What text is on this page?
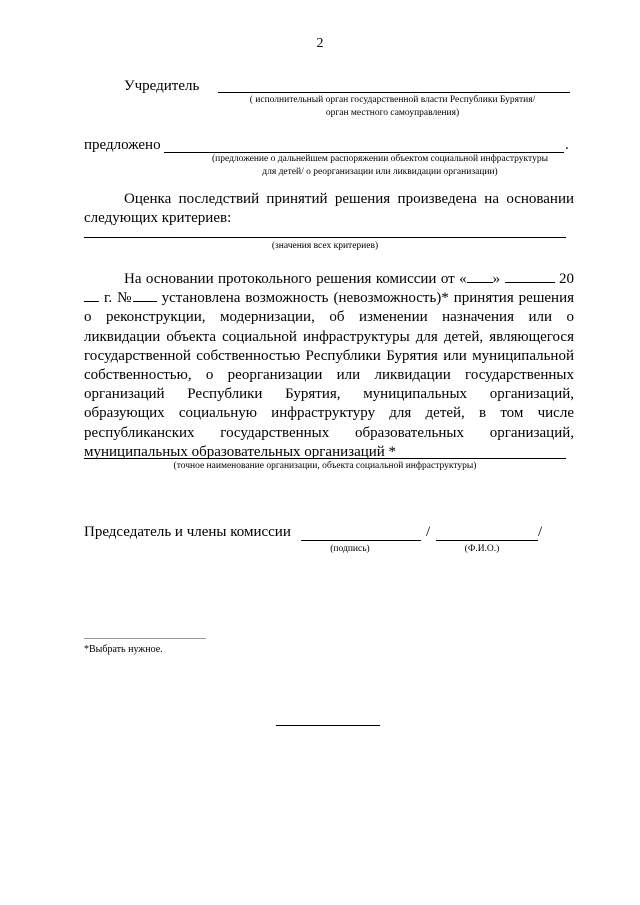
2
Учредитель
( исполнительный орган государственной власти Республики Бурятия/
орган местного самоуправления)
предложено	.
(предложение о дальнейшем распоряжении объектом социальной инфраструктуры
для детей/ о реорганизации или ликвидации организации)
Оценка последствий принятий решения произведена на основании следующих критериев:
(значения всех критериев)
На основании протокольного решения комиссии от « »	20 г. № установлена возможность (невозможность)* принятия решения о реконструкции, модернизации, об изменении назначения или о ликвидации объекта социальной инфраструктуры для детей, являющегося государственной собственностью Республики Бурятия или муниципальной собственностью, о реорганизации или ликвидации государственных организаций Республики Бурятия, муниципальных организаций, образующих социальную инфраструктуру для детей, в том числе республиканских государственных образовательных организаций, муниципальных образовательных организаций *
(точное наименование организации, объекта социальной инфраструктуры)
Председатель и члены комиссии	/	/
(подпись)	(Ф.И.О.)
*Выбрать нужное.
